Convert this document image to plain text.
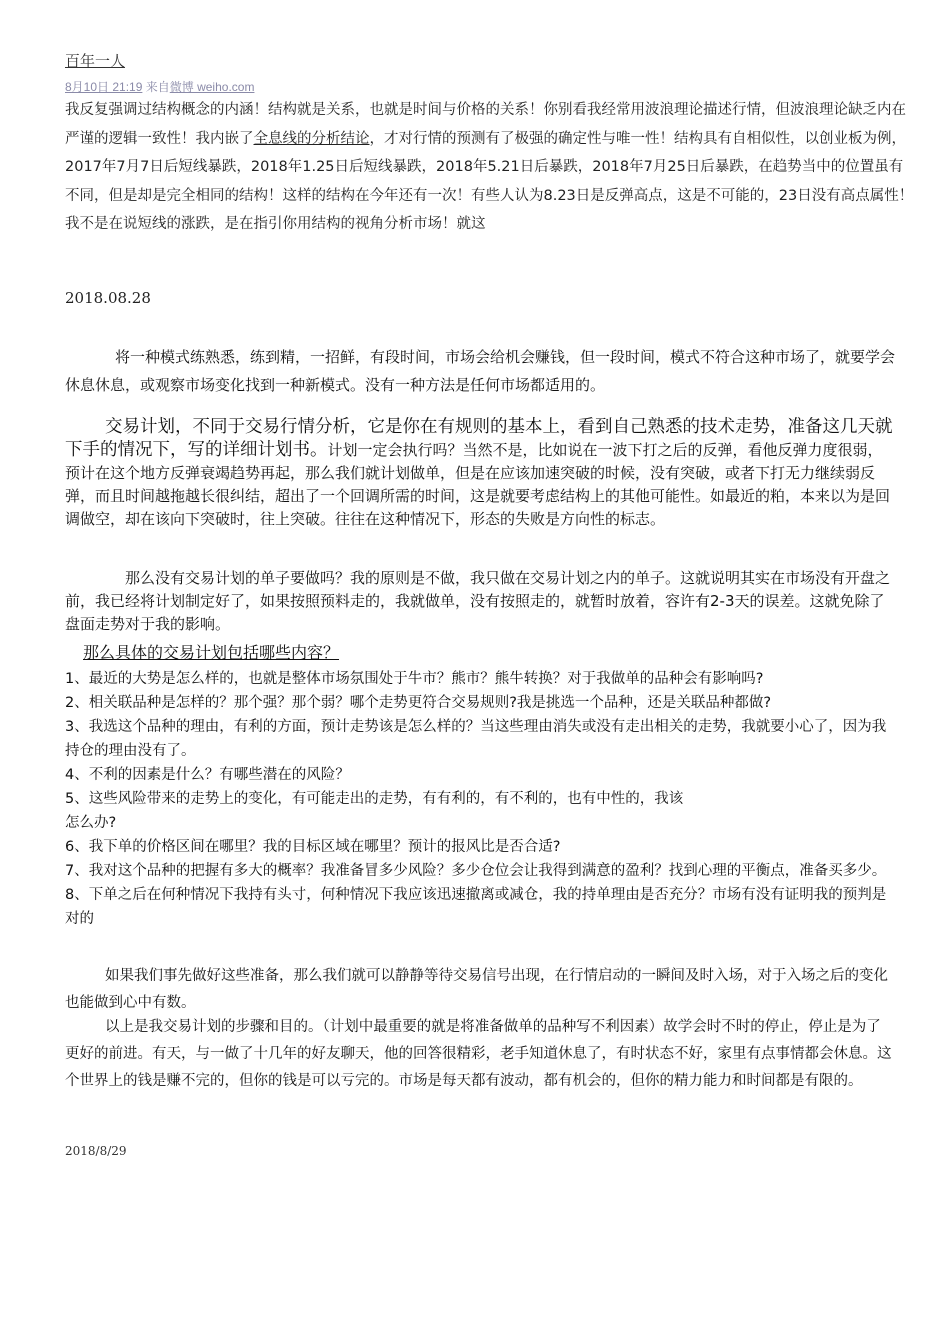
百年一人
8月10日 21:19 来自微博 weiho.com
我反复强调过结构概念的内涵！结构就是关系，也就是时间与价格的关系！你别看我经常用波浪理论描述行情，但波浪理论缺乏内在严谨的逻辑一致性！我内嵌了全息线的分析结论，才对行情的预测有了极强的确定性与唯一性！结构具有自相似性，以创业板为例，2017年7月7日后短线暴跌，2018年1.25日后短线暴跌，2018年5.21日后暴跌，2018年7月25日后暴跌，在趋势当中的位置虽有不同，但是却是完全相同的结构！这样的结构在今年还有一次！有些人认为8.23日是反弹高点，这是不可能的，23日没有高点属性！我不是在说短线的涨跌，是在指引你用结构的视角分析市场！就这
2018.08.28
将一种模式练熟悉，练到精，一招鲜，有段时间，市场会给机会赚钱，但一段时间，模式不符合这种市场了，就要学会休息休息，或观察市场变化找到一种新模式。没有一种方法是任何市场都适用的。
交易计划，不同于交易行情分析，它是你在有规则的基本上，看到自己熟悉的技术走势，准备这几天就下手的情况下，写的详细计划书。计划一定会执行吗？当然不是，比如说在一波下打之后的反弹，看他反弹力度很弱，预计在这个地方反弹衰竭趋势再起，那么我们就计划做单，但是在应该加速突破的时候，没有突破，或者下打无力继续弱反弹，而且时间越拖越长很纠结，超出了一个回调所需的时间，这是就要考虑结构上的其他可能性。如最近的粕，本来以为是回调做空，却在该向下突破时，往上突破。往往在这种情况下，形态的失败是方向性的标志。
那么没有交易计划的单子要做吗？我的原则是不做，我只做在交易计划之内的单子。这就说明其实在市场没有开盘之前，我已经将计划制定好了，如果按照预料走的，我就做单，没有按照走的，就暂时放着，容许有2-3天的误差。这就免除了盘面走势对于我的影响。
那么具体的交易计划包括哪些内容？
1、最近的大势是怎么样的，也就是整体市场氛围处于牛市？熊市？熊牛转换？对于我做单的品种会有影响吗?
2、相关联品种是怎样的？那个强？那个弱？哪个走势更符合交易规则?我是挑选一个品种，还是关联品种都做?
3、我选这个品种的理由，有利的方面，预计走势该是怎么样的？当这些理由消失或没有走出相关的走势，我就要小心了，因为我持仓的理由没有了。
4、不利的因素是什么？有哪些潜在的风险？
5、这些风险带来的走势上的变化，有可能走出的走势，有有利的，有不利的，也有中性的，我该
怎么办?
6、我下单的价格区间在哪里？我的目标区域在哪里？预计的报风比是否合适?
7、我对这个品种的把握有多大的概率？我准备冒多少风险？多少仓位会让我得到满意的盈利？找到心理的平衡点，准备买多少。
8、下单之后在何种情况下我持有头寸，何种情况下我应该迅速撤离或减仓，我的持单理由是否充分？市场有没有证明我的预判是对的
如果我们事先做好这些准备，那么我们就可以静静等待交易信号出现，在行情启动的一瞬间及时入场，对于入场之后的变化也能做到心中有数。
以上是我交易计划的步骤和目的。（计划中最重要的就是将准备做单的品种写不利因素）故学会时不时的停止，停止是为了更好的前进。有天，与一做了十几年的好友聊天，他的回答很精彩，老手知道休息了，有时状态不好，家里有点事情都会休息。这个世界上的钱是赚不完的，但你的钱是可以亏完的。市场是每天都有波动，都有机会的，但你的精力能力和时间都是有限的。
2018/8/29
